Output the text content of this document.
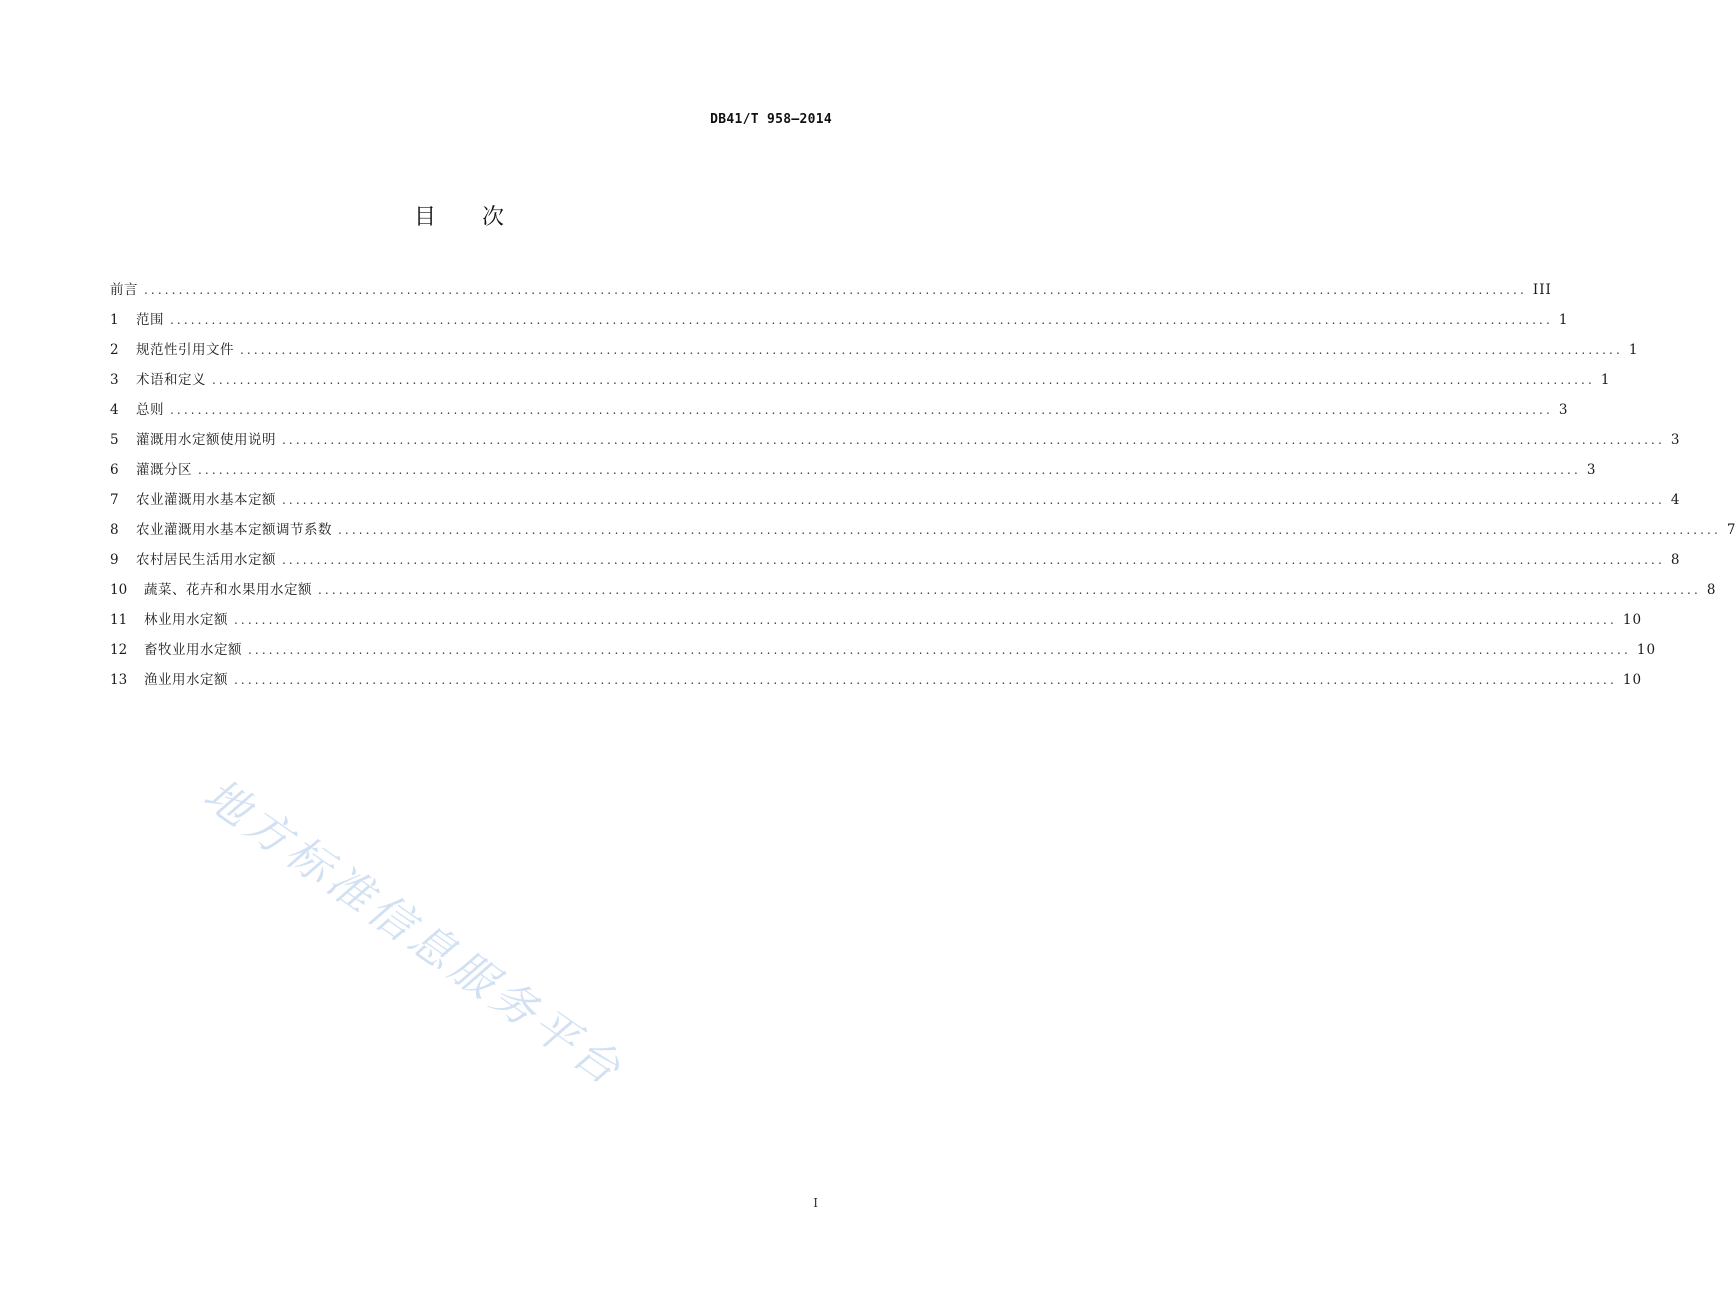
DB41/T 958—2014
目 次
前言 ........................................................................................................................................................................................................ III
1	范围 ........................................................................................................................................................................................................ 1
2	规范性引用文件 ........................................................................................................................................................................................................ 1
3	术语和定义 ........................................................................................................................................................................................................ 1
4	总则 ........................................................................................................................................................................................................ 3
5	灌溉用水定额使用说明 ........................................................................................................................................................................................................ 3
6	灌溉分区 ........................................................................................................................................................................................................ 3
7	农业灌溉用水基本定额 ........................................................................................................................................................................................................ 4
8	农业灌溉用水基本定额调节系数 ........................................................................................................................................................................................................ 7
9	农村居民生活用水定额 ........................................................................................................................................................................................................ 8
10	蔬菜、花卉和水果用水定额 ........................................................................................................................................................................................................ 8
11	林业用水定额 ........................................................................................................................................................................................................ 10
12	畜牧业用水定额 ........................................................................................................................................................................................................ 10
13	渔业用水定额 ........................................................................................................................................................................................................ 10
地方标准信息服务平台
I
